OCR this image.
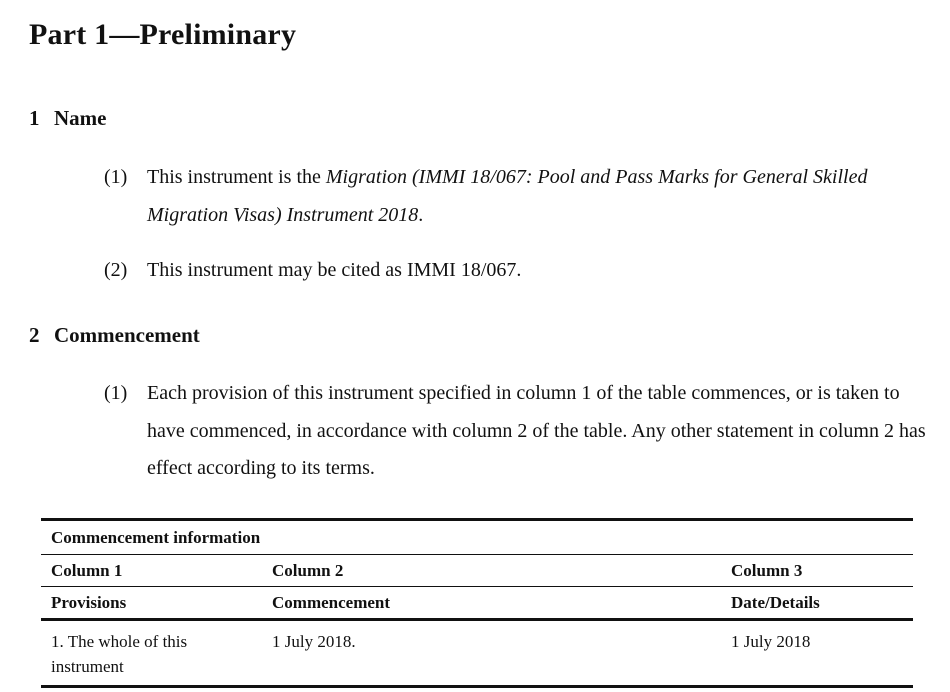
Part 1—Preliminary
1 Name
(1) This instrument is the Migration (IMMI 18/067: Pool and Pass Marks for General Skilled Migration Visas) Instrument 2018.
(2) This instrument may be cited as IMMI 18/067.
2 Commencement
(1) Each provision of this instrument specified in column 1 of the table commences, or is taken to have commenced, in accordance with column 2 of the table. Any other statement in column 2 has effect according to its terms.
Commencement information		
Column 1	Column 2	Column 3
Provisions	Commencement	Date/Details
1. The whole of this instrument	1 July 2018.	1 July 2018
